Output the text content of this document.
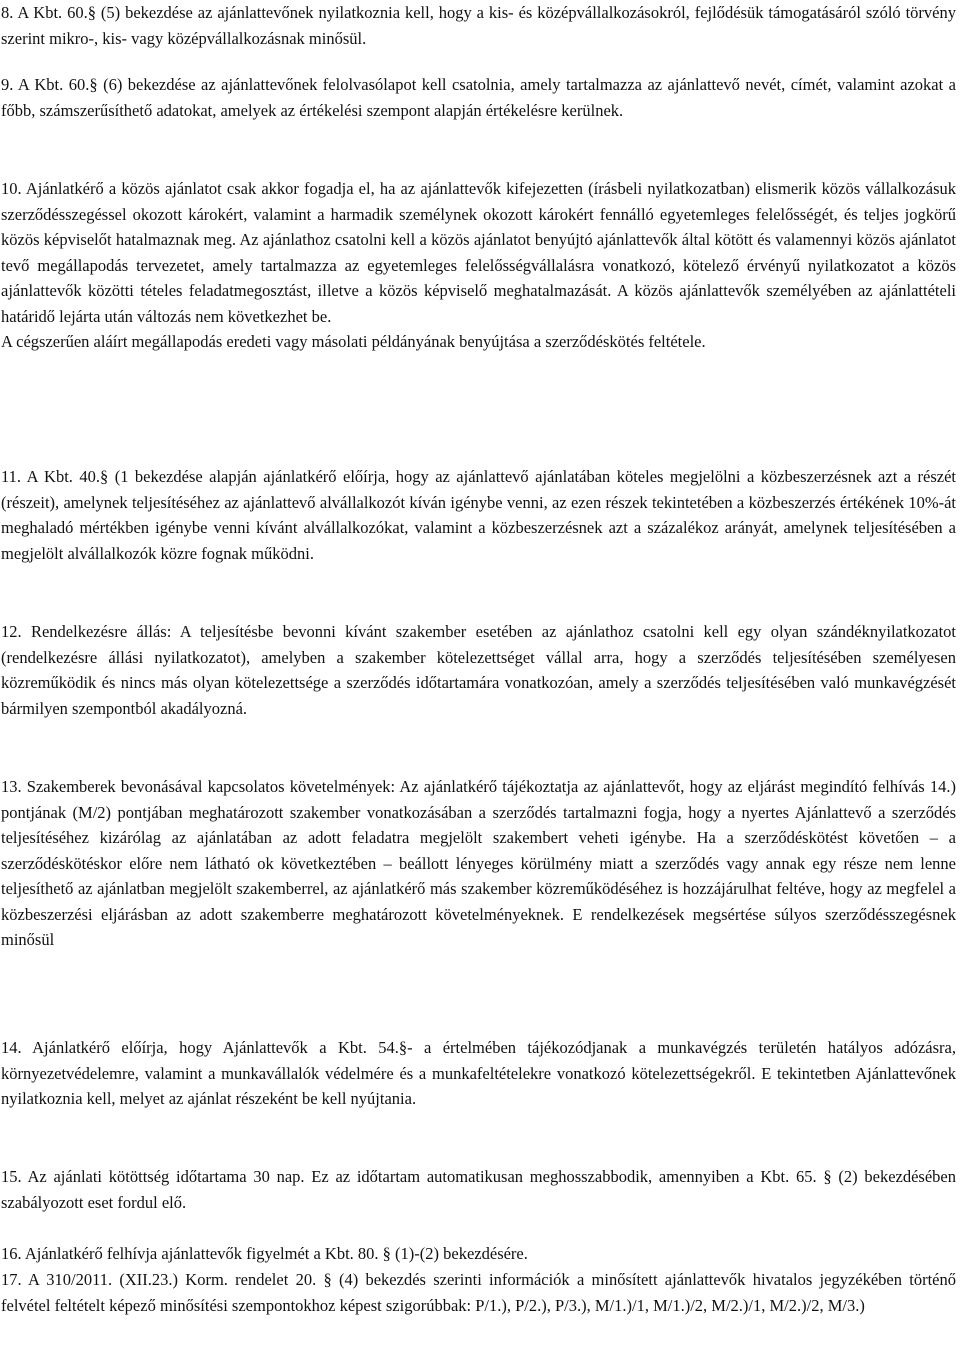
8. A Kbt. 60.§ (5) bekezdése az ajánlattevőnek nyilatkoznia kell, hogy a kis- és középvállalkozásokról, fejlődésük támogatásáról szóló törvény szerint mikro-, kis- vagy középvállalkozásnak minősül.

9. A Kbt. 60.§ (6) bekezdése az ajánlattevőnek felolvasólapot kell csatolnia, amely tartalmazza az ajánlattevő nevét, címét, valamint azokat a főbb, számszerűsíthető adatokat, amelyek az értékelési szempont alapján értékelésre kerülnek.

10. Ajánlatkérő a közös ajánlatot csak akkor fogadja el, ha az ajánlattevők kifejezetten (írásbeli nyilatkozatban) elismerik közös vállalkozásuk szerződésszegéssel okozott károkért, valamint a harmadik személynek okozott károkért fennálló egyetemleges felelősségét, és teljes jogkörű közös képviselőt hatalmaznak meg. Az ajánlathoz csatolni kell a közös ajánlatot benyújtó ajánlattevők által kötött és valamennyi közös ajánlatot tevő megállapodás tervezetet, amely tartalmazza az egyetemleges felelősségvállalásra vonatkozó, kötelező érvényű nyilatkozatot a közös ajánlattevők közötti tételes feladatmegosztást, illetve a közös képviselő meghatalmazását. A közös ajánlattevők személyében az ajánlattételi határidő lejárta után változás nem következhet be.
A cégszerűen aláírt megállapodás eredeti vagy másolati példányának benyújtása a szerződéskötés feltétele.

11. A Kbt. 40.§ (1 bekezdése alapján ajánlatkérő előírja, hogy az ajánlattevő ajánlatában köteles megjelölni a közbeszerzésnek azt a részét (részeit), amelynek teljesítéséhez az ajánlattevő alvállalkozót kíván igénybe venni, az ezen részek tekintetében a közbeszerzés értékének 10%-át meghaladó mértékben igénybe venni kívánt alvállalkozókat, valamint a közbeszerzésnek azt a százalékoz arányát, amelynek teljesítésében a megjelölt alvállalkozók közre fognak működni.

12. Rendelkezésre állás: A teljesítésbe bevonni kívánt szakember esetében az ajánlathoz csatolni kell egy olyan szándéknyilatkozatot (rendelkezésre állási nyilatkozatot), amelyben a szakember kötelezettséget vállal arra, hogy a szerződés teljesítésében személyesen közreműködik és nincs más olyan kötelezettsége a szerződés időtartamára vonatkozóan, amely a szerződés teljesítésében való munkavégzését bármilyen szempontból akadályozná.

13. Szakemberek bevonásával kapcsolatos követelmények: Az ajánlatkérő tájékoztatja az ajánlattevőt, hogy az eljárást megindító felhívás 14.) pontjának (M/2) pontjában meghatározott szakember vonatkozásában a szerződés tartalmazni fogja, hogy a nyertes Ajánlattevő a szerződés teljesítéséhez kizárólag az ajánlatában az adott feladatra megjelölt szakembert veheti igénybe. Ha a szerződéskötést követően – a szerződéskötéskor előre nem látható ok következtében – beállott lényeges körülmény miatt a szerződés vagy annak egy része nem lenne teljesíthető az ajánlatban megjelölt szakemberrel, az ajánlatkérő más szakember közreműködéséhez is hozzájárulhat feltéve, hogy az megfelel a közbeszerzési eljárásban az adott szakemberre meghatározott követelményeknek. E rendelkezések megsértése súlyos szerződésszegésnek minősül

14. Ajánlatkérő előírja, hogy Ajánlattevők a Kbt. 54.§- a értelmében tájékozódjanak a munkavégzés területén hatályos adózásra, környezetvédelemre, valamint a munkavállalók védelmére és a munkafeltételekre vonatkozó kötelezettségekről. E tekintetben Ajánlattevőnek nyilatkoznia kell, melyet az ajánlat részeként be kell nyújtania.

15. Az ajánlati kötöttség időtartama 30 nap. Ez az időtartam automatikusan meghosszabbodik, amennyiben a Kbt. 65. § (2) bekezdésében szabályozott eset fordul elő.

16. Ajánlatkérő felhívja ajánlattevők figyelmét a Kbt. 80. § (1)-(2) bekezdésére.

17. A 310/2011. (XII.23.) Korm. rendelet 20. § (4) bekezdés szerinti információk a minősített ajánlattevők hivatalos jegyzékében történő felvétel feltételt képező minősítési szempontokhoz képest szigorúbbak: P/1.), P/2.), P/3.), M/1.)/1, M/1.)/2, M/2.)/1, M/2.)/2, M/3.)
